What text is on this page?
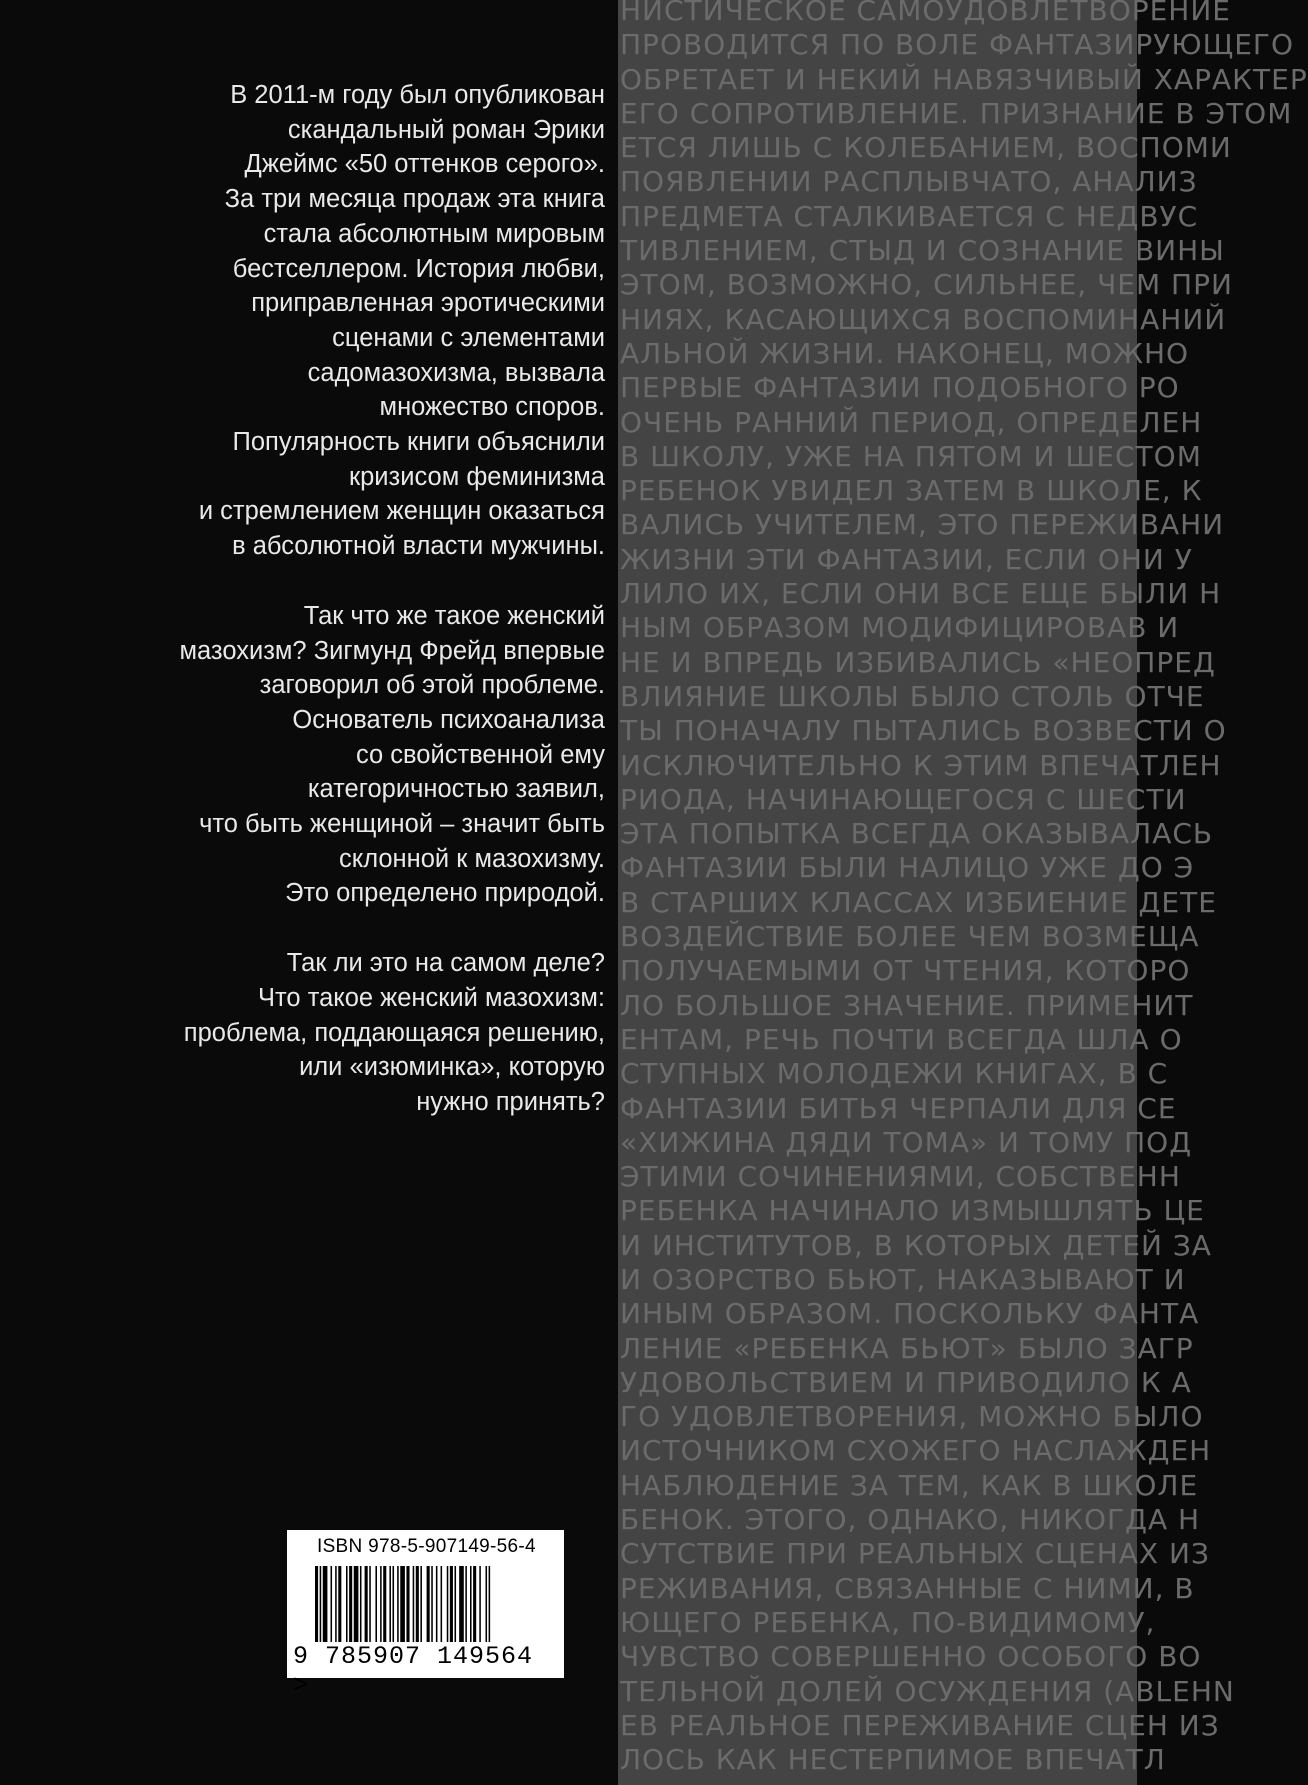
НИСТИЧЕСКОЕ САМОУДОВЛЕТВОРЕНИЕ
ПРОВОДИТСЯ ПО ВОЛЕ ФАНТАЗИРУЮЩЕГО
ОБРЕТАЕТ И НЕКИЙ НАВЯЗЧИВЫЙ ХАРАКТЕР
ЕГО СОПРОТИВЛЕНИЕ. ПРИЗНАНИЕ В ЭТОМ
ЕТСЯ ЛИШЬ С КОЛЕБАНИЕМ, ВОСПОМИ
ПОЯВЛЕНИИ РАСПЛЫВЧАТО, АНАЛИЗ
ПРЕДМЕТА СТАЛКИВАЕТСЯ С НЕДВУС
ТИВЛЕНИЕМ, СТЫД И СОЗНАНИЕ ВИНЫ
ЭТОМ, ВОЗМОЖНО, СИЛЬНЕЕ, ЧЕМ ПРИ
НИЯХ, КАСАЮЩИХСЯ ВОСПОМИНАНИЙ
АЛЬНОЙ ЖИЗНИ. НАКОНЕЦ, МОЖНО
ПЕРВЫЕ ФАНТАЗИИ ПОДОБНОГО РО
ОЧЕНЬ РАННИЙ ПЕРИОД, ОПРЕДЕЛЕН
В ШКОЛУ, УЖЕ НА ПЯТОМ И ШЕСТОМ
РЕБЕНОК УВИДЕЛ ЗАТЕМ В ШКОЛЕ, К
ВАЛИСЬ УЧИТЕЛЕМ, ЭТО ПЕРЕЖИВАНИ
ЖИЗНИ ЭТИ ФАНТАЗИИ, ЕСЛИ ОНИ У
ЛИЛО ИХ, ЕСЛИ ОНИ ВСЕ ЕЩЕ БЫЛИ Н
НЫМ ОБРАЗОМ МОДИФИЦИРОВАВ И
НЕ И ВПРЕДЬ ИЗБИВАЛИСЬ «НЕОПРЕД
ВЛИЯНИЕ ШКОЛЫ БЫЛО СТОЛЬ ОТЧЕ
ТЫ ПОНАЧАЛУ ПЫТАЛИСЬ ВОЗВЕСТИ О
ИСКЛЮЧИТЕЛЬНО К ЭТИМ ВПЕЧАТЛЕН
РИОДА, НАЧИНАЮЩЕГОСЯ С ШЕСТИ
ЭТА ПОПЫТКА ВСЕГДА ОКАЗЫВАЛАСЬ
ФАНТАЗИИ БЫЛИ НАЛИЦО УЖЕ ДО Э
В СТАРШИХ КЛАССАХ ИЗБИЕНИЕ ДЕТЕ
ВОЗДЕЙСТВИЕ БОЛЕЕ ЧЕМ ВОЗМЕЩА
ПОЛУЧАЕМЫМИ ОТ ЧТЕНИЯ, КОТОРО
ЛО БОЛЬШОЕ ЗНАЧЕНИЕ. ПРИМЕНИТ
ЕНТАМ, РЕЧЬ ПОЧТИ ВСЕГДА ШЛА О
СТУПНЫХ МОЛОДЕЖИ КНИГАХ, В С
ФАНТАЗИИ БИТЬЯ ЧЕРПАЛИ ДЛЯ СЕ
«ХИЖИНА ДЯДИ ТОМА» И ТОМУ ПОД
ЭТИМИ СОЧИНЕНИЯМИ, СОБСТВЕНН
РЕБЕНКА НАЧИНАЛО ИЗМЫШЛЯТЬ ЦЕ
И ИНСТИТУТОВ, В КОТОРЫХ ДЕТЕЙ ЗА
И ОЗОРСТВО БЬЮТ, НАКАЗЫВАЮТ И
ИНЫМ ОБРАЗОМ. ПОСКОЛЬКУ ФАНТА
ЛЕНИЕ «РЕБЕНКА БЬЮТ» БЫЛО ЗАГР
УДОВОЛЬСТВИЕМ И ПРИВОДИЛО К А
ГО УДОВЛЕТВОРЕНИЯ, МОЖНО БЫЛО
ИСТОЧНИКОМ СХОЖЕГО НАСЛАЖДЕН
НАБЛЮДЕНИЕ ЗА ТЕМ, КАК В ШКОЛЕ
БЕНОК. ЭТОГО, ОДНАКО, НИКОГДА Н
СУТСТВИЕ ПРИ РЕАЛЬНЫХ СЦЕНАХ ИЗ
РЕЖИВАНИЯ, СВЯЗАННЫЕ С НИМИ, В
ЮЩЕГО РЕБЕНКА, ПО-ВИДИМОМУ,
ЧУВСТВО СОВЕРШЕННО ОСОБОГО ВО
ТЕЛЬНОЙ ДОЛЕЙ ОСУЖДЕНИЯ (ABLEHN
ЕВ РЕАЛЬНОЕ ПЕРЕЖИВАНИЕ СЦЕН ИЗ
ЛОСЬ КАК НЕСТЕРПИМОЕ ВПЕЧАТЛ
В 2011-м году был опубликован
скандальный роман Эрики
Джеймс «50 оттенков серого».
За три месяца продаж эта книга
стала абсолютным мировым
бестселлером. История любви,
приправленная эротическими
сценами с элементами
садомазохизма, вызвала
множество споров.
Популярность книги объяснили
кризисом феминизма
и стремлением женщин оказаться
в абсолютной власти мужчины.
Так что же такое женский
мазохизм? Зигмунд Фрейд впервые
заговорил об этой проблеме.
Основатель психоанализа
со свойственной ему
категоричностью заявил,
что быть женщиной – значит быть
склонной к мазохизму.
Это определено природой.
Так ли это на самом деле?
Что такое женский мазохизм:
проблема, поддающаяся решению,
или «изюминка», которую
нужно принять?
ISBN 978-5-907149-56-4
9 785907 149564 >
